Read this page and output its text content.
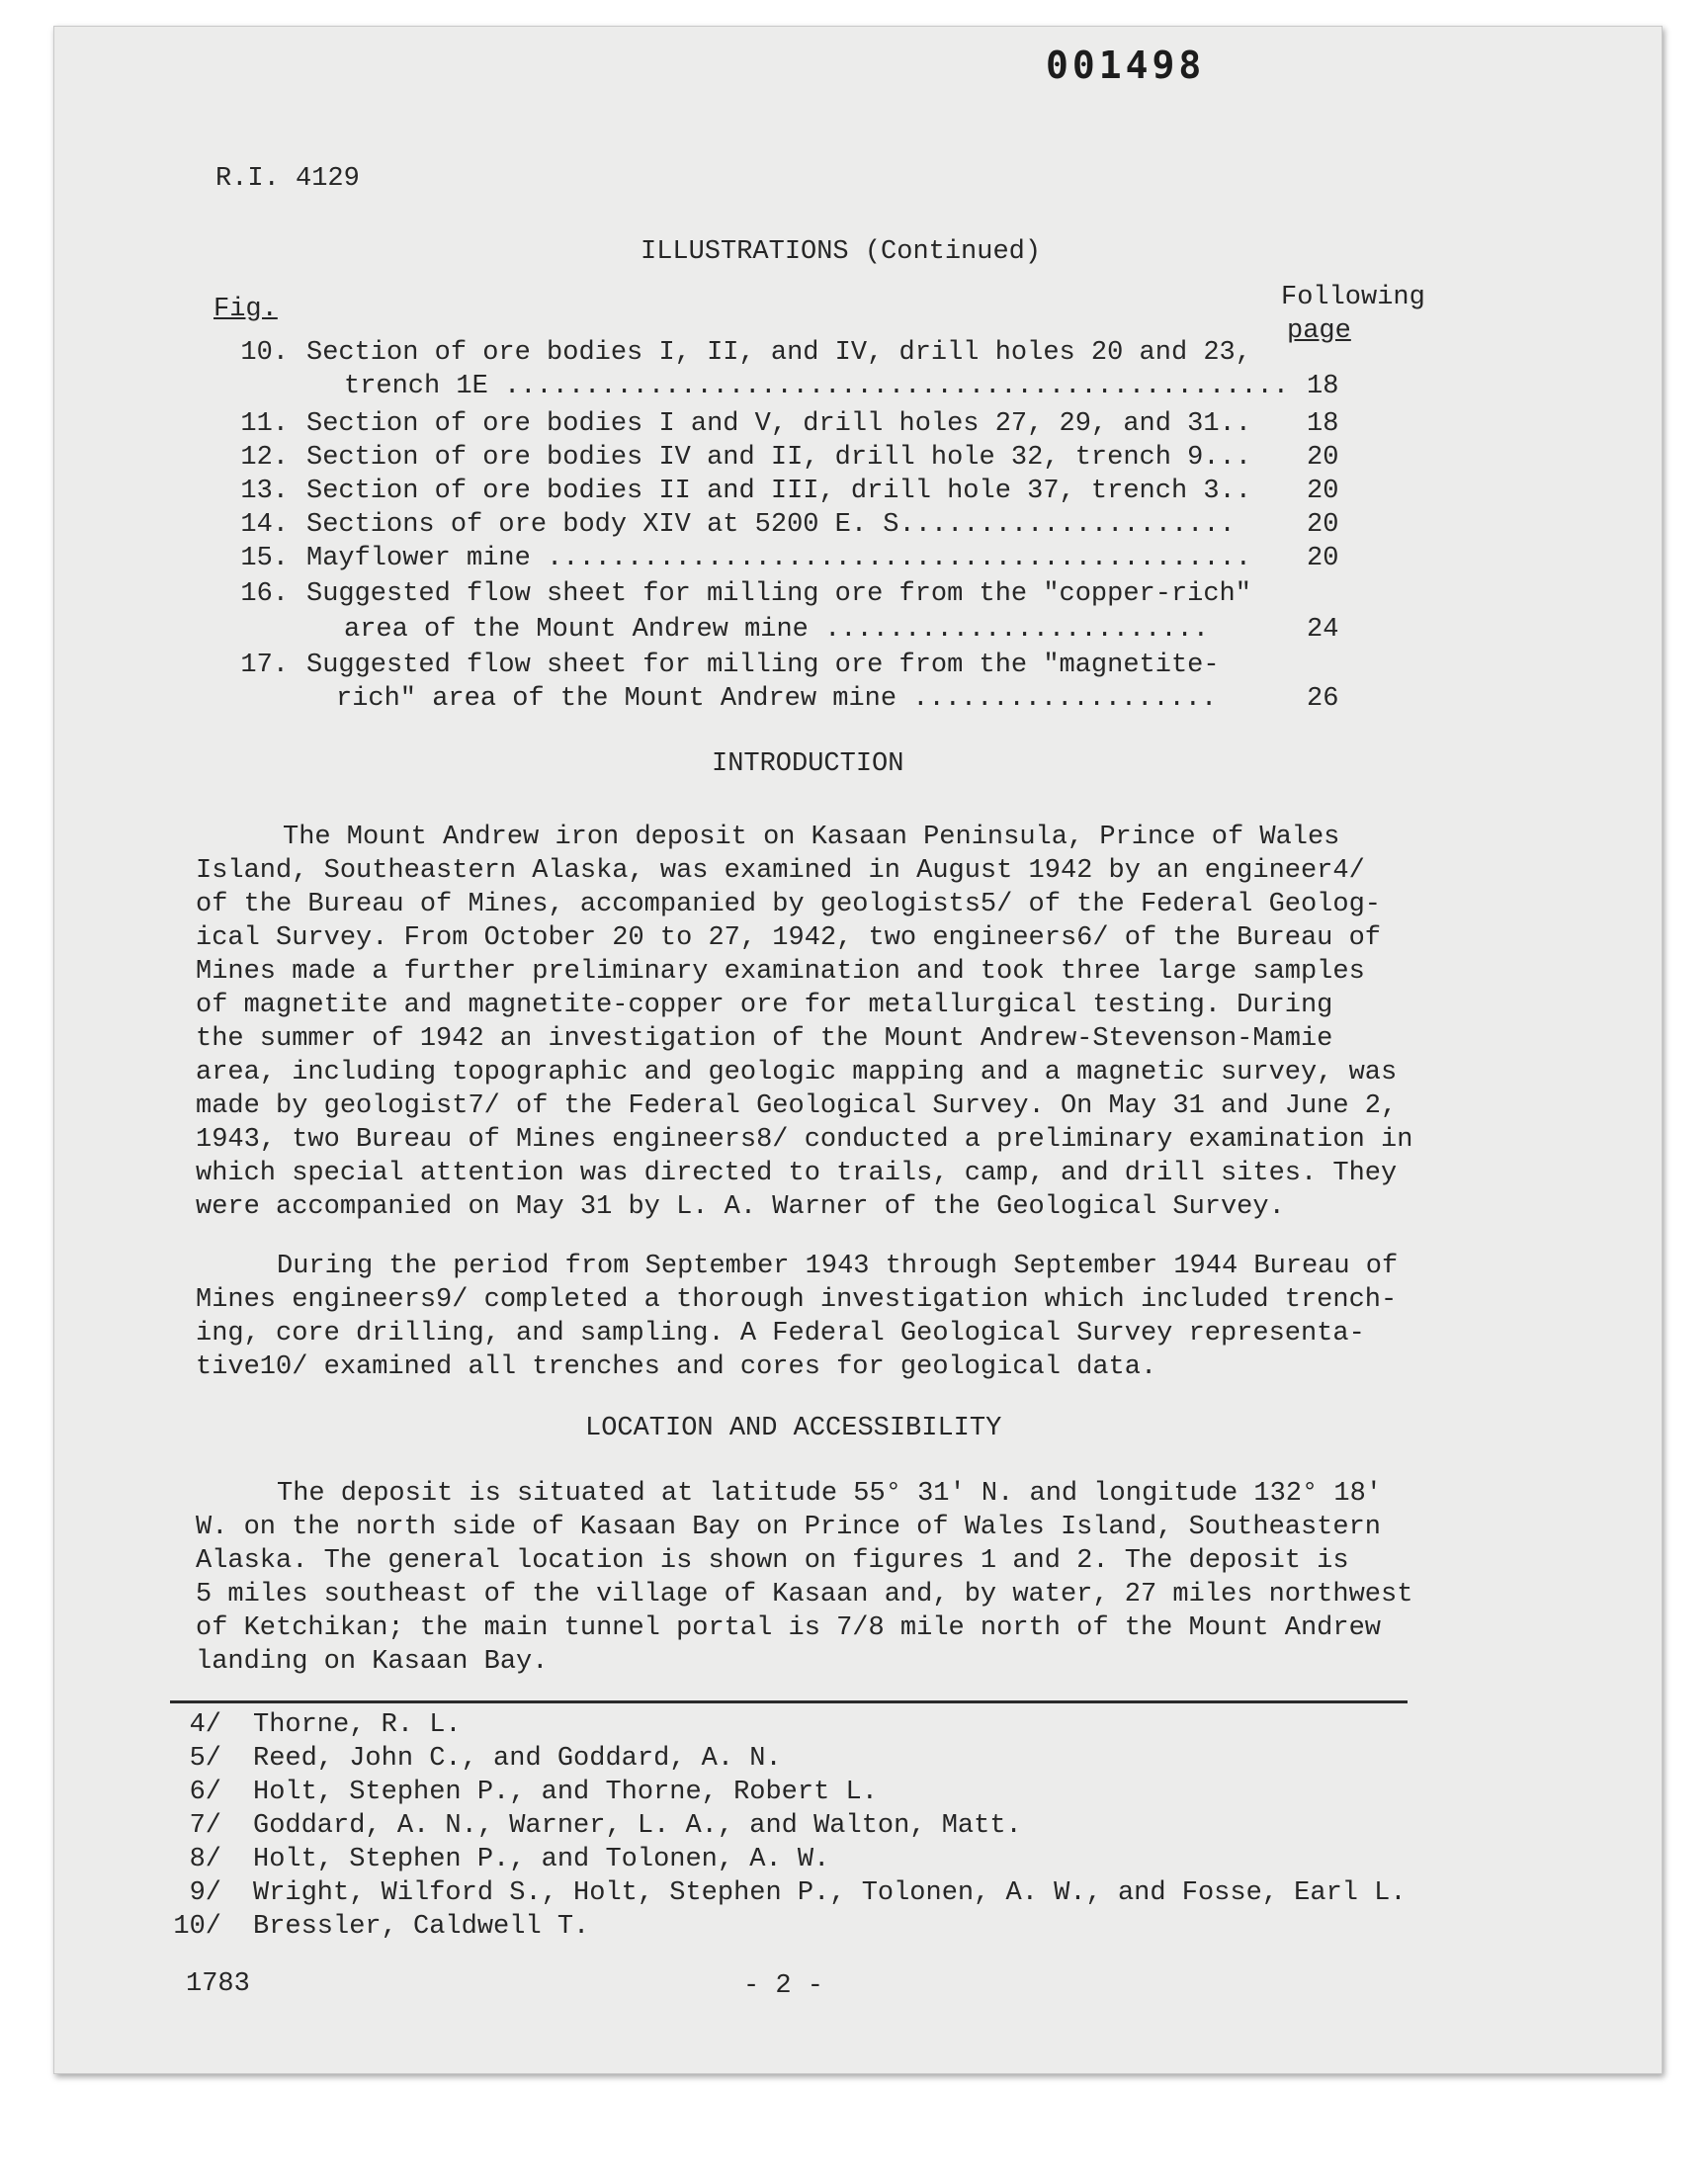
001498
R.I. 4129
ILLUSTRATIONS (Continued)
Fig.	Following
page
10. Section of ore bodies I, II, and IV, drill holes 20 and 23,
trench 1E ................................................. 18
11. Section of ore bodies I and V, drill holes 27, 29, and 31.. 18
12. Section of ore bodies IV and II, drill hole 32, trench 9... 20
13. Section of ore bodies II and III, drill hole 37, trench 3.. 20
14. Sections of ore body XIV at 5200 E. S.....................	20
15. Mayflower mine ............................................ 20
16. Suggested flow sheet for milling ore from the "copper-rich"
area of the Mount Andrew mine ........................	24
17. Suggested flow sheet for milling ore from the "magnetite-
rich" area of the Mount Andrew mine ...................	26
INTRODUCTION
The Mount Andrew iron deposit on Kasaan Peninsula, Prince of Wales
Island, Southeastern Alaska, was examined in August 1942 by an engineer4/
of the Bureau of Mines, accompanied by geologists5/ of the Federal Geolog-
ical Survey. From October 20 to 27, 1942, two engineers6/ of the Bureau of
Mines made a further preliminary examination and took three large samples
of magnetite and magnetite-copper ore for metallurgical testing. During
the summer of 1942 an investigation of the Mount Andrew-Stevenson-Mamie
area, including topographic and geologic mapping and a magnetic survey, was
made by geologist7/ of the Federal Geological Survey. On May 31 and June 2,
1943, two Bureau of Mines engineers8/ conducted a preliminary examination in
which special attention was directed to trails, camp, and drill sites. They
were accompanied on May 31 by L. A. Warner of the Geological Survey.
During the period from September 1943 through September 1944 Bureau of
Mines engineers9/ completed a thorough investigation which included trench-
ing, core drilling, and sampling. A Federal Geological Survey representa-
tive10/ examined all trenches and cores for geological data.
LOCATION AND ACCESSIBILITY
The deposit is situated at latitude 55° 31' N. and longitude 132° 18'
W. on the north side of Kasaan Bay on Prince of Wales Island, Southeastern
Alaska. The general location is shown on figures 1 and 2. The deposit is
5 miles southeast of the village of Kasaan and, by water, 27 miles northwest
of Ketchikan; the main tunnel portal is 7/8 mile north of the Mount Andrew
landing on Kasaan Bay.
4/ Thorne, R. L.
5/ Reed, John C., and Goddard, A. N.
6/ Holt, Stephen P., and Thorne, Robert L.
7/ Goddard, A. N., Warner, L. A., and Walton, Matt.
8/ Holt, Stephen P., and Tolonen, A. W.
9/ Wright, Wilford S., Holt, Stephen P., Tolonen, A. W., and Fosse, Earl L.
10/ Bressler, Caldwell T.
1783	- 2 -
